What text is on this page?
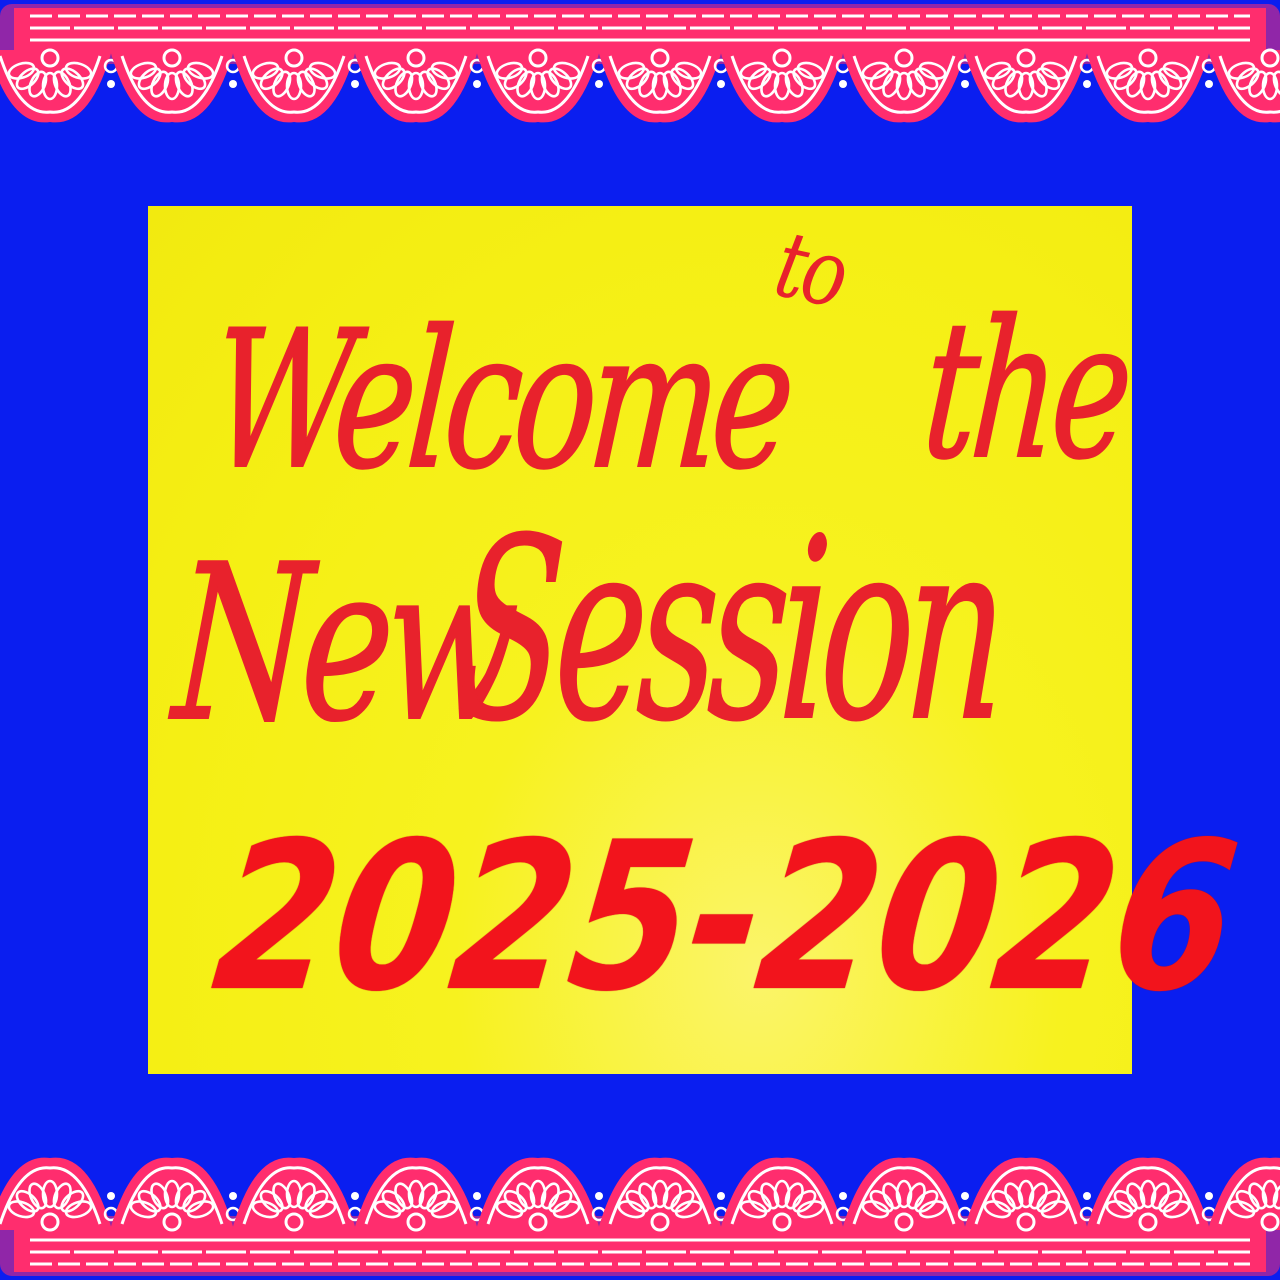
Welcome

to

the

New

Session

2025-2026
